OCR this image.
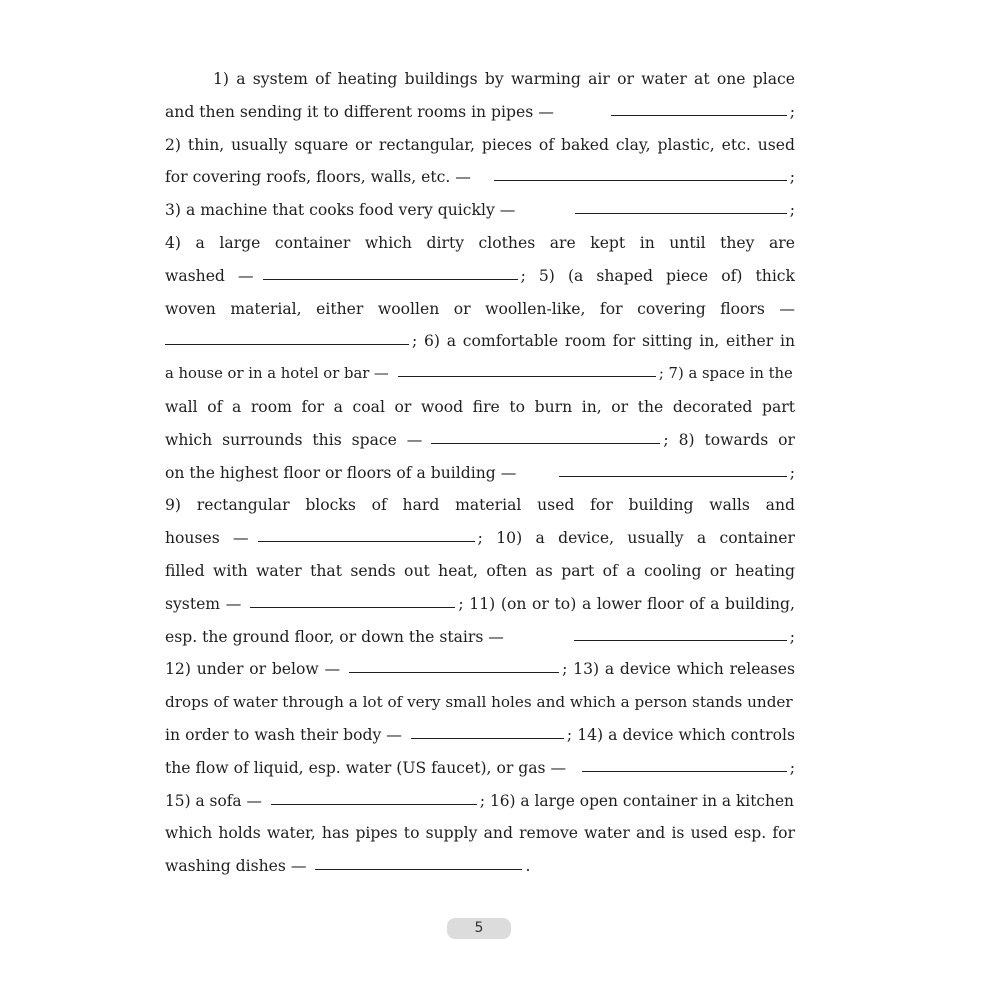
1) a system of heating buildings by warming air or water at one place
and then sending it to different rooms in pipes —	;
2) thin, usually square or rectangular, pieces of baked clay, plastic, etc. used
for covering roofs, floors, walls, etc. —	;
3) a machine that cooks food very quickly —	;
4) a large container which dirty clothes are kept in until they are
washed —	; 5) (a shaped piece of) thick
woven material, either woollen or woollen-like, for covering floors —
; 6) a comfortable room for sitting in, either in
a house or in a hotel or bar —	; 7) a space in the
wall of a room for a coal or wood fire to burn in, or the decorated part
which surrounds this space —	; 8) towards or
on the highest floor or floors of a building —	;
9) rectangular blocks of hard material used for building walls and
houses —	; 10) a device, usually a container
filled with water that sends out heat, often as part of a cooling or heating
system —	; 11) (on or to) a lower floor of a building,
esp. the ground floor, or down the stairs —	;
12) under or below —	; 13) a device which releases
drops of water through a lot of very small holes and which a person stands under
in order to wash their body —	; 14) a device which controls
the flow of liquid, esp. water (US faucet), or gas —	;
15) a sofa —	; 16) a large open container in a kitchen
which holds water, has pipes to supply and remove water and is used esp. for
washing dishes —	.
5
